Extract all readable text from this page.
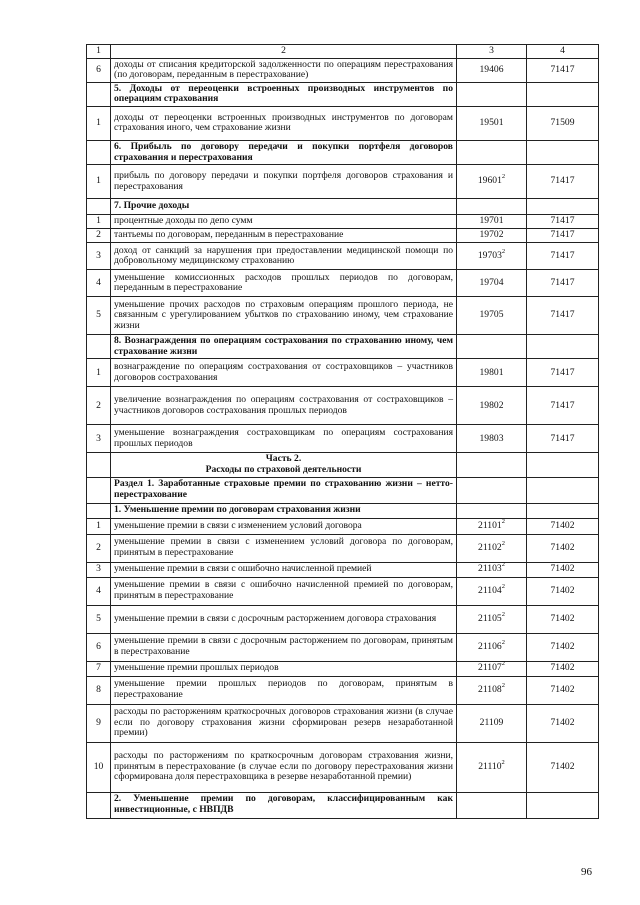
1	2	3	4
6	доходы от списания кредиторской задолженности по операциям перестрахования (по договорам, переданным в перестрахование)	19406	71417
	5. Доходы от переоценки встроенных производных инструментов по операциям страхования		
1	доходы от переоценки встроенных производных инструментов по договорам страхования иного, чем страхование жизни	19501	71509
	6. Прибыль по договору передачи и покупки портфеля договоров страхования и перестрахования		
1	прибыль по договору передачи и покупки портфеля договоров страхования и перестрахования	19601$^2$	71417
	7. Прочие доходы		
1	процентные доходы по депо сумм	19701	71417
2	тантьемы по договорам, переданным в перестрахование	19702	71417
3	доход от санкций за нарушения при предоставлении медицинской помощи по добровольному медицинскому страхованию	19703$^2$	71417
4	уменьшение комиссионных расходов прошлых периодов по договорам, переданным в перестрахование	19704	71417
5	уменьшение прочих расходов по страховым операциям прошлого периода, не связанным с урегулированием убытков по страхованию иному, чем страхование жизни	19705	71417
	8. Вознаграждения по операциям сострахования по страхованию иному, чем страхование жизни		
1	вознаграждение по операциям сострахования от состраховщиков – участников договоров сострахования	19801	71417
2	увеличение вознаграждения по операциям сострахования от состраховщиков – участников договоров сострахования прошлых периодов	19802	71417
3	уменьшение вознаграждения состраховщикам по операциям сострахования прошлых периодов	19803	71417
	Часть 2.
Расходы по страховой деятельности		
	Раздел 1. Заработанные страховые премии по страхованию жизни – нетто-перестрахование		
	1. Уменьшение премии по договорам страхования жизни		
1	уменьшение премии в связи с изменением условий договора	21101$^2$	71402
2	уменьшение премии в связи с изменением условий договора по договорам, принятым в перестрахование	21102$^2$	71402
3	уменьшение премии в связи с ошибочно начисленной премией	21103$^2$	71402
4	уменьшение премии в связи с ошибочно начисленной премией по договорам, принятым в перестрахование	21104$^2$	71402
5	уменьшение премии в связи с досрочным расторжением договора страхования	21105$^2$	71402
6	уменьшение премии в связи с досрочным расторжением по договорам, принятым в перестрахование	21106$^2$	71402
7	уменьшение премии прошлых периодов	21107$^2$	71402
8	уменьшение премии прошлых периодов по договорам, принятым в перестрахование	21108$^2$	71402
9	расходы по расторжениям краткосрочных договоров страхования жизни (в случае если по договору страхования жизни сформирован резерв незаработанной премии)	21109	71402
10	расходы по расторжениям по краткосрочным договорам страхования жизни, принятым в перестрахование (в случае если по договору перестрахования жизни сформирована доля перестраховщика в резерве незаработанной премии)	21110$^2$	71402
	2. Уменьшение премии по договорам, классифицированным как инвестиционные, с НВПДВ		
96
